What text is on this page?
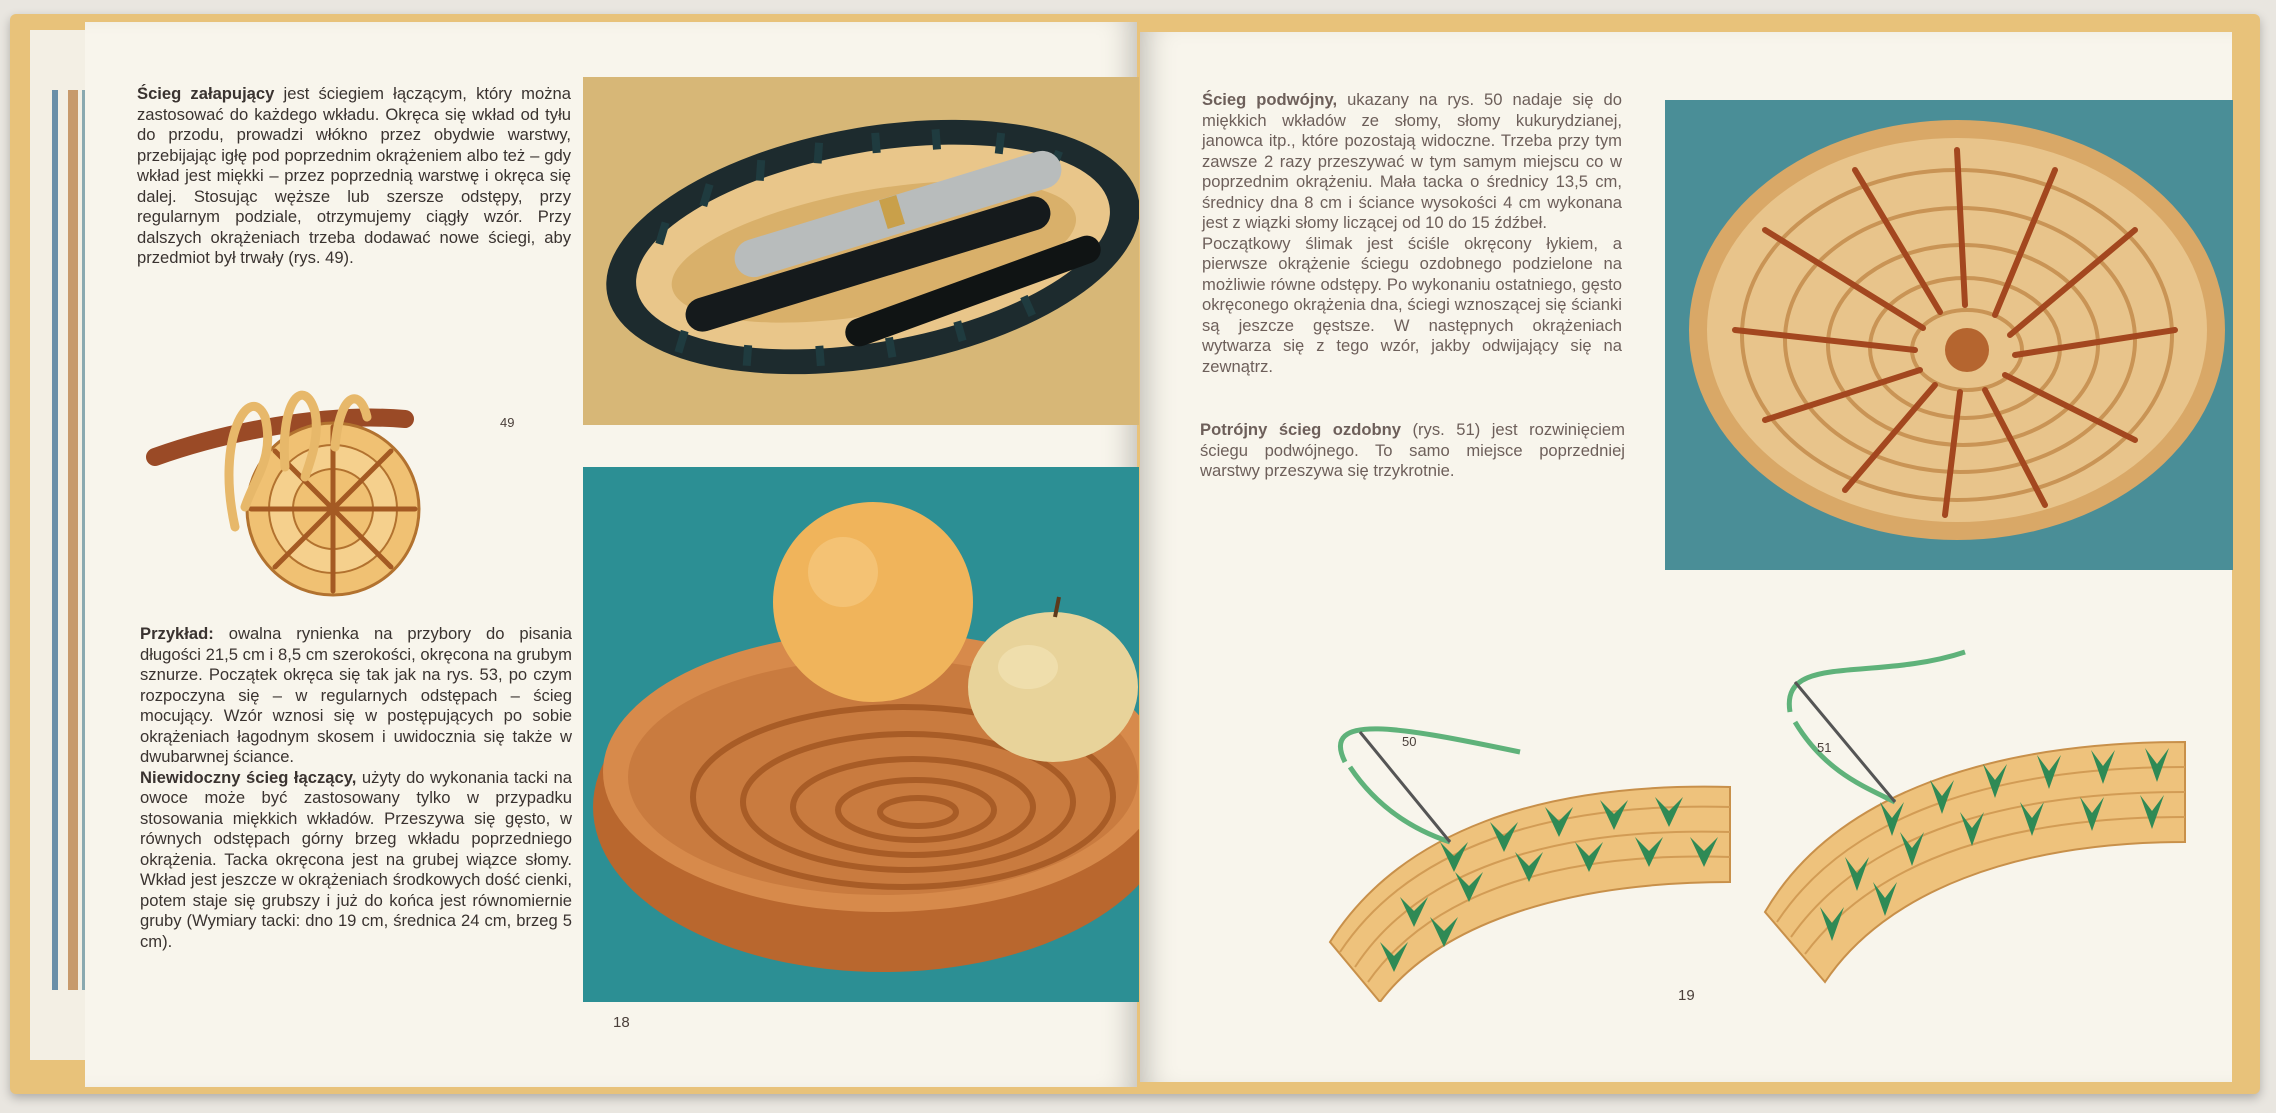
Ścieg załapujący jest ściegiem łączącym, który można zastosować do każdego wkładu. Okręca się wkład od tyłu do przodu, prowadzi włókno przez obydwie warstwy, przebijając igłę pod poprzednim okrążeniem albo też – gdy wkład jest miękki – przez poprzednią warstwę i okręca się dalej. Stosując węższe lub szersze odstępy, przy regularnym podziale, otrzymujemy ciągły wzór. Przy dalszych okrążeniach trzeba dodawać nowe ściegi, aby przedmiot był trwały (rys. 49).
49
Przykład: owalna rynienka na przybory do pisania długości 21,5 cm i 8,5 cm szerokości, okręcona na grubym sznurze. Początek okręca się tak jak na rys. 53, po czym rozpoczyna się – w regularnych odstępach – ścieg mocujący. Wzór wznosi się w postępujących po sobie okrążeniach łagodnym skosem i uwidocznia się także w dwubarwnej ściance.
Niewidoczny ścieg łączący, użyty do wykonania tacki na owoce może być zastosowany tylko w przypadku stosowania miękkich wkładów. Przeszywa się gęsto, w równych odstępach górny brzeg wkładu poprzedniego okrążenia. Tacka okręcona jest na grubej wiązce słomy. Wkład jest jeszcze w okrążeniach środkowych dość cienki, potem staje się grubszy i już do końca jest równomiernie gruby (Wymiary tacki: dno 19 cm, średnica 24 cm, brzeg 5 cm).
18
Ścieg podwójny, ukazany na rys. 50 nadaje się do miękkich wkładów ze słomy, słomy kukurydzianej, janowca itp., które pozostają widoczne. Trzeba przy tym zawsze 2 razy przeszywać w tym samym miejscu co w poprzednim okrążeniu. Mała tacka o średnicy 13,5 cm, średnicy dna 8 cm i ściance wysokości 4 cm wykonana jest z wiązki słomy liczącej od 10 do 15 źdźbeł.
Początkowy ślimak jest ściśle okręcony łykiem, a pierwsze okrążenie ściegu ozdobnego podzielone na możliwie równe odstępy. Po wykonaniu ostatniego, gęsto okręconego okrążenia dna, ściegi wznoszącej się ścianki są jeszcze gęstsze. W następnych okrążeniach wytwarza się z tego wzór, jakby odwijający się na zewnątrz.
Potrójny ścieg ozdobny (rys. 51) jest rozwinięciem ściegu podwójnego. To samo miejsce poprzedniej warstwy przeszywa się trzykrotnie.
50	51
19
